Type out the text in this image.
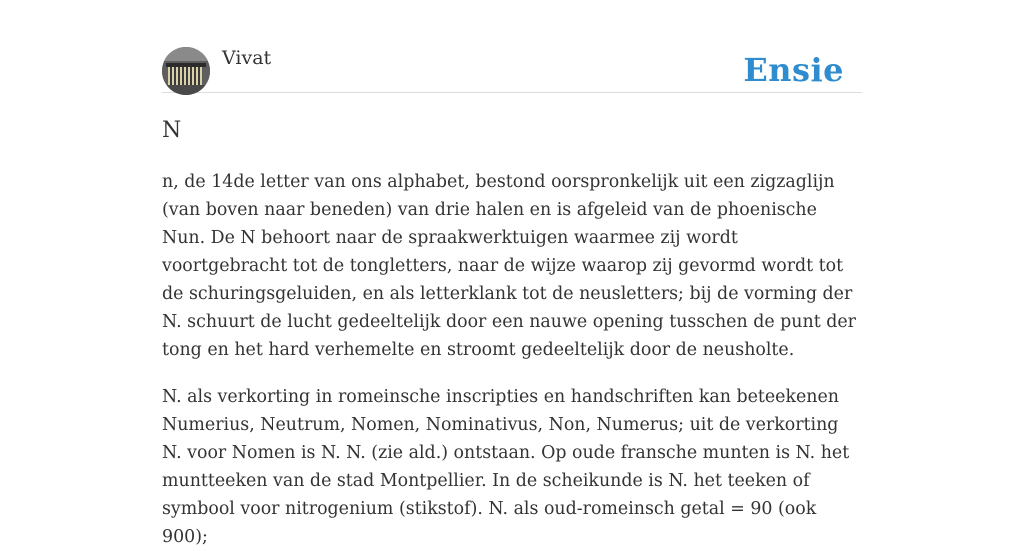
Vivat	Ensie
N

n, de 14de letter van ons alphabet, bestond oorspronkelijk uit een zigzaglijn (van boven naar beneden) van drie halen en is afgeleid van de phoenische Nun. De N behoort naar de spraakwerktuigen waarmee zij wordt voortgebracht tot de tongletters, naar de wijze waarop zij gevormd wordt tot de schuringsgeluiden, en als letterklank tot de neusletters; bij de vorming der N. schuurt de lucht gedeeltelijk door een nauwe opening tusschen de punt der tong en het hard verhemelte en stroomt gedeeltelijk door de neusholte.

N. als verkorting in romeinsche inscripties en handschriften kan beteekenen Numerius, Neutrum, Nomen, Nominativus, Non, Numerus; uit de verkorting N. voor Nomen is N. N. (zie ald.) ontstaan. Op oude fransche munten is N. het muntteeken van de stad Montpellier. In de scheikunde is N. het teeken of symbool voor nitrogenium (stikstof). N. als oud-romeinsch getal = 90 (ook 900);
